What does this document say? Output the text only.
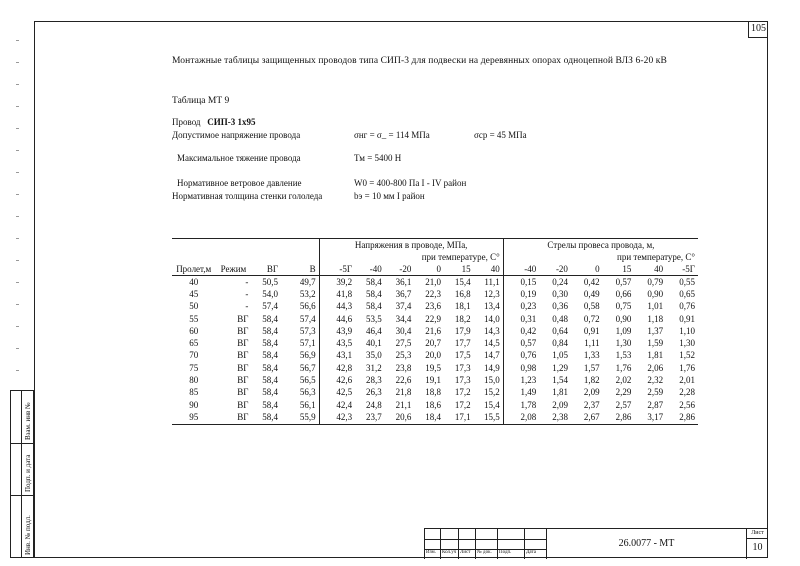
105
Монтажные таблицы защищенных проводов типа СИП-3 для подвески на деревянных опорах одноцепной ВЛЗ 6-20 кВ
Таблица МТ 9
Провод СИП-3 1х95
Допустимое напряжение провода	σнг = σ_ = 114 МПа	σср = 45 МПа
Максимальное тяжение провода	Тм = 5400 Н
Нормативное ветровое давление	W0 = 400-800 Па I - IV район
Нормативная толщина стенки гололеда	bэ = 10 мм I район
				Напряжения в проводе, МПа,						Стрелы провеса провода, м,					
				при температуре, С°						при температуре, С°					
Пролет,м	Режим	ВГ	В	-5Г	-40	-20	0	15	40	-40	-20	0	15	40	-5Г
40	-	50,5	49,7	39,2	58,4	36,1	21,0	15,4	11,1	0,15	0,24	0,42	0,57	0,79	0,55
45	-	54,0	53,2	41,8	58,4	36,7	22,3	16,8	12,3	0,19	0,30	0,49	0,66	0,90	0,65
50	-	57,4	56,6	44,3	58,4	37,4	23,6	18,1	13,4	0,23	0,36	0,58	0,75	1,01	0,76
55	ВГ	58,4	57,4	44,6	53,5	34,4	22,9	18,2	14,0	0,31	0,48	0,72	0,90	1,18	0,91
60	ВГ	58,4	57,3	43,9	46,4	30,4	21,6	17,9	14,3	0,42	0,64	0,91	1,09	1,37	1,10
65	ВГ	58,4	57,1	43,5	40,1	27,5	20,7	17,7	14,5	0,57	0,84	1,11	1,30	1,59	1,30
70	ВГ	58,4	56,9	43,1	35,0	25,3	20,0	17,5	14,7	0,76	1,05	1,33	1,53	1,81	1,52
75	ВГ	58,4	56,7	42,8	31,2	23,8	19,5	17,3	14,9	0,98	1,29	1,57	1,76	2,06	1,76
80	ВГ	58,4	56,5	42,6	28,3	22,6	19,1	17,3	15,0	1,23	1,54	1,82	2,02	2,32	2,01
85	ВГ	58,4	56,3	42,5	26,3	21,8	18,8	17,2	15,2	1,49	1,81	2,09	2,29	2,59	2,28
90	ВГ	58,4	56,1	42,4	24,8	21,1	18,6	17,2	15,4	1,78	2,09	2,37	2,57	2,87	2,56
95	ВГ	58,4	55,9	42,3	23,7	20,6	18,4	17,1	15,5	2,08	2,38	2,67	2,86	3,17	2,86
Изм. Кол.уч Лист № док. Подп.	Дата
26.0077 - МТ
Лист
10
Инв. № подл.
Подп. и дата
Взам. инв №
